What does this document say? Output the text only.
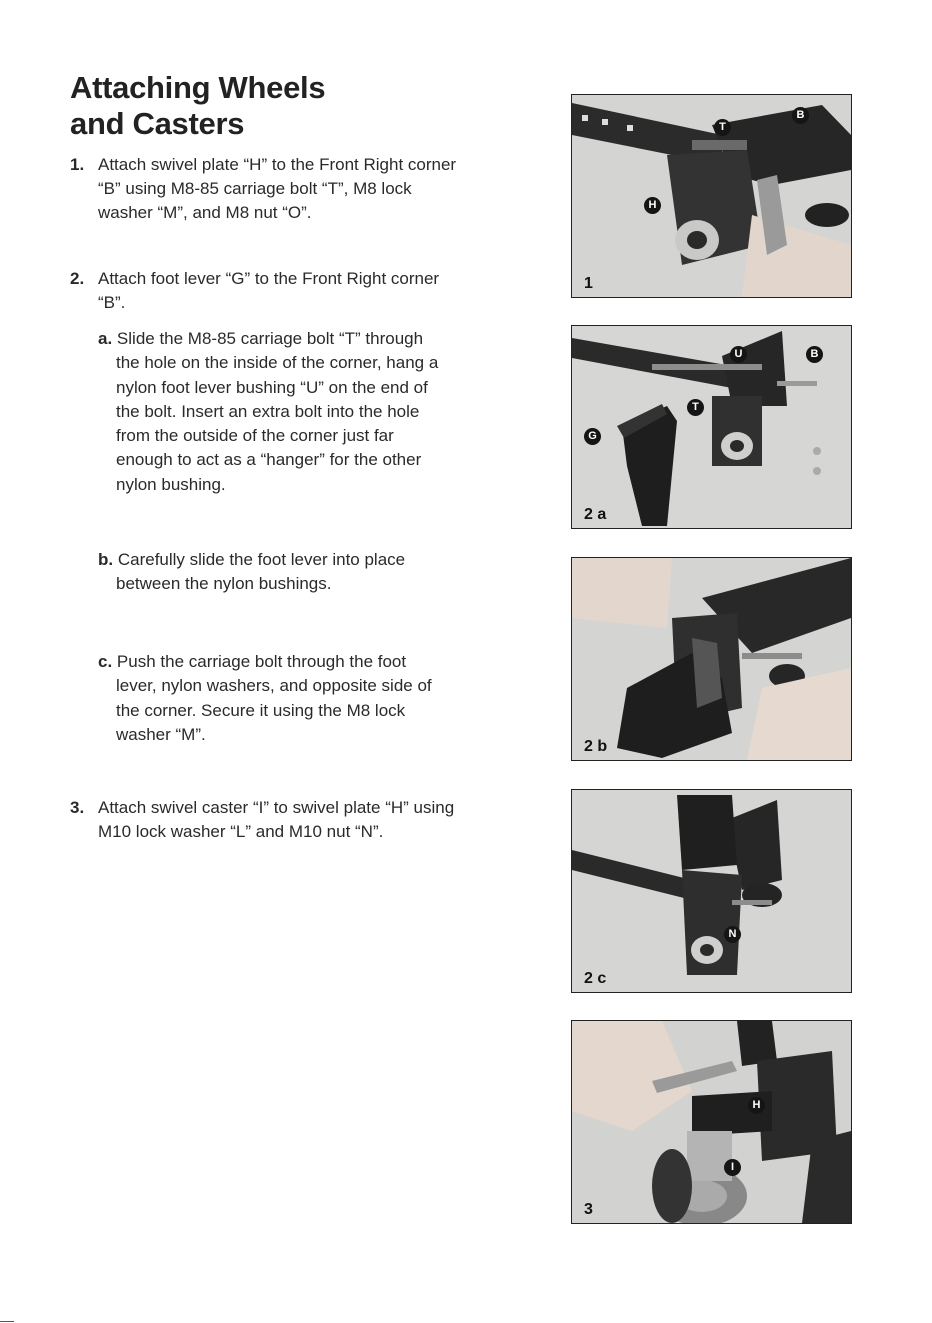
Attaching Wheels
and Casters
1. Attach swivel plate “H” to the Front Right corner “B” using M8-85 carriage bolt “T”, M8 lock washer “M”, and M8 nut “O”.
2. Attach foot lever “G” to the Front Right corner “B”.
a. Slide the M8-85 carriage bolt “T” through the hole on the inside of the corner, hang a nylon foot lever bushing “U” on the end of the bolt. Insert an extra bolt into the hole from the outside of the corner just far enough to act as a “hanger” for the other nylon bushing.
b. Carefully slide the foot lever into place between the nylon bushings.
c. Push the carriage bolt through the foot lever, nylon washers, and opposite side of the corner. Secure it using the M8 lock washer “M”.
3. Attach swivel caster “I” to swivel plate “H” using M10 lock washer “L” and M10 nut “N”.
T
B
H
1
U	B
T
G
2 a
2 b
N
2 c
H
I
3
